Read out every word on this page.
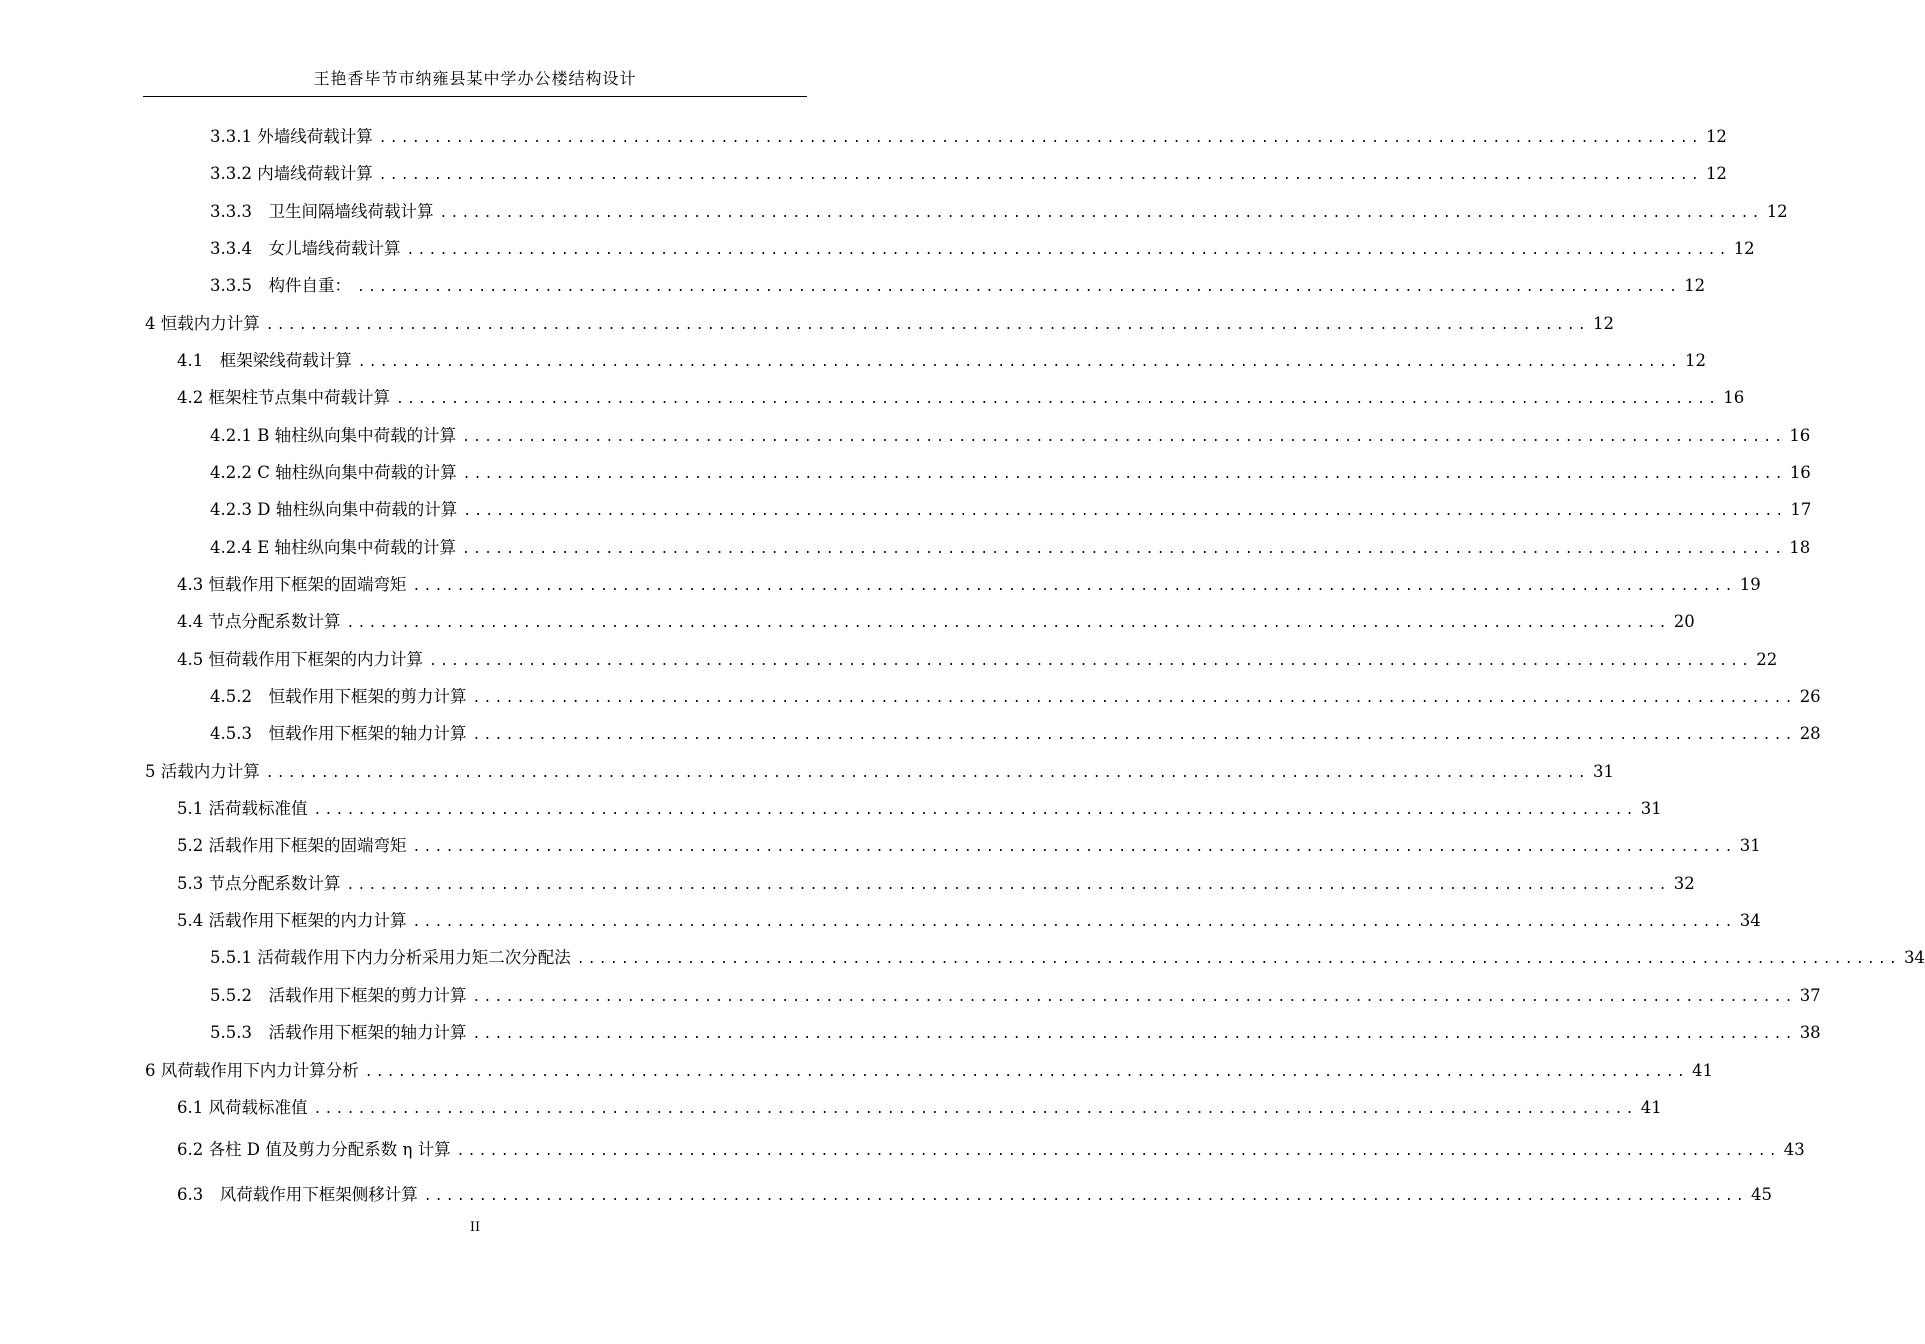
王艳香毕节市纳雍县某中学办公楼结构设计
3.3.1 外墙线荷载计算 ........................................................................................................................ 12
3.3.2 内墙线荷载计算 ........................................................................................................................ 12
3.3.3　卫生间隔墙线荷载计算 ........................................................................................................................ 12
3.3.4　女儿墙线荷载计算 ........................................................................................................................ 12
3.3.5　构件自重： ........................................................................................................................ 12
4 恒载内力计算 ........................................................................................................................ 12
4.1　框架梁线荷载计算 ........................................................................................................................ 12
4.2 框架柱节点集中荷载计算 ........................................................................................................................ 16
4.2.1 B 轴柱纵向集中荷载的计算 ........................................................................................................................ 16
4.2.2 C 轴柱纵向集中荷载的计算 ........................................................................................................................ 16
4.2.3 D 轴柱纵向集中荷载的计算 ........................................................................................................................ 17
4.2.4 E 轴柱纵向集中荷载的计算 ........................................................................................................................ 18
4.3 恒载作用下框架的固端弯矩 ........................................................................................................................ 19
4.4 节点分配系数计算 ........................................................................................................................ 20
4.5 恒荷载作用下框架的内力计算 ........................................................................................................................ 22
4.5.2　恒载作用下框架的剪力计算 ........................................................................................................................ 26
4.5.3　恒载作用下框架的轴力计算 ........................................................................................................................ 28
5 活载内力计算 ........................................................................................................................ 31
5.1 活荷载标准值 ........................................................................................................................ 31
5.2 活载作用下框架的固端弯矩 ........................................................................................................................ 31
5.3 节点分配系数计算 ........................................................................................................................ 32
5.4 活载作用下框架的内力计算 ........................................................................................................................ 34
5.5.1 活荷载作用下内力分析采用力矩二次分配法 ........................................................................................................................ 34
5.5.2　活载作用下框架的剪力计算 ........................................................................................................................ 37
5.5.3　活载作用下框架的轴力计算 ........................................................................................................................ 38
6 风荷载作用下内力计算分析 ........................................................................................................................ 41
6.1 风荷载标准值 ........................................................................................................................ 41
6.2 各柱 D 值及剪力分配系数 η 计算 ........................................................................................................................ 43
6.3　风荷载作用下框架侧移计算 ........................................................................................................................ 45
II
